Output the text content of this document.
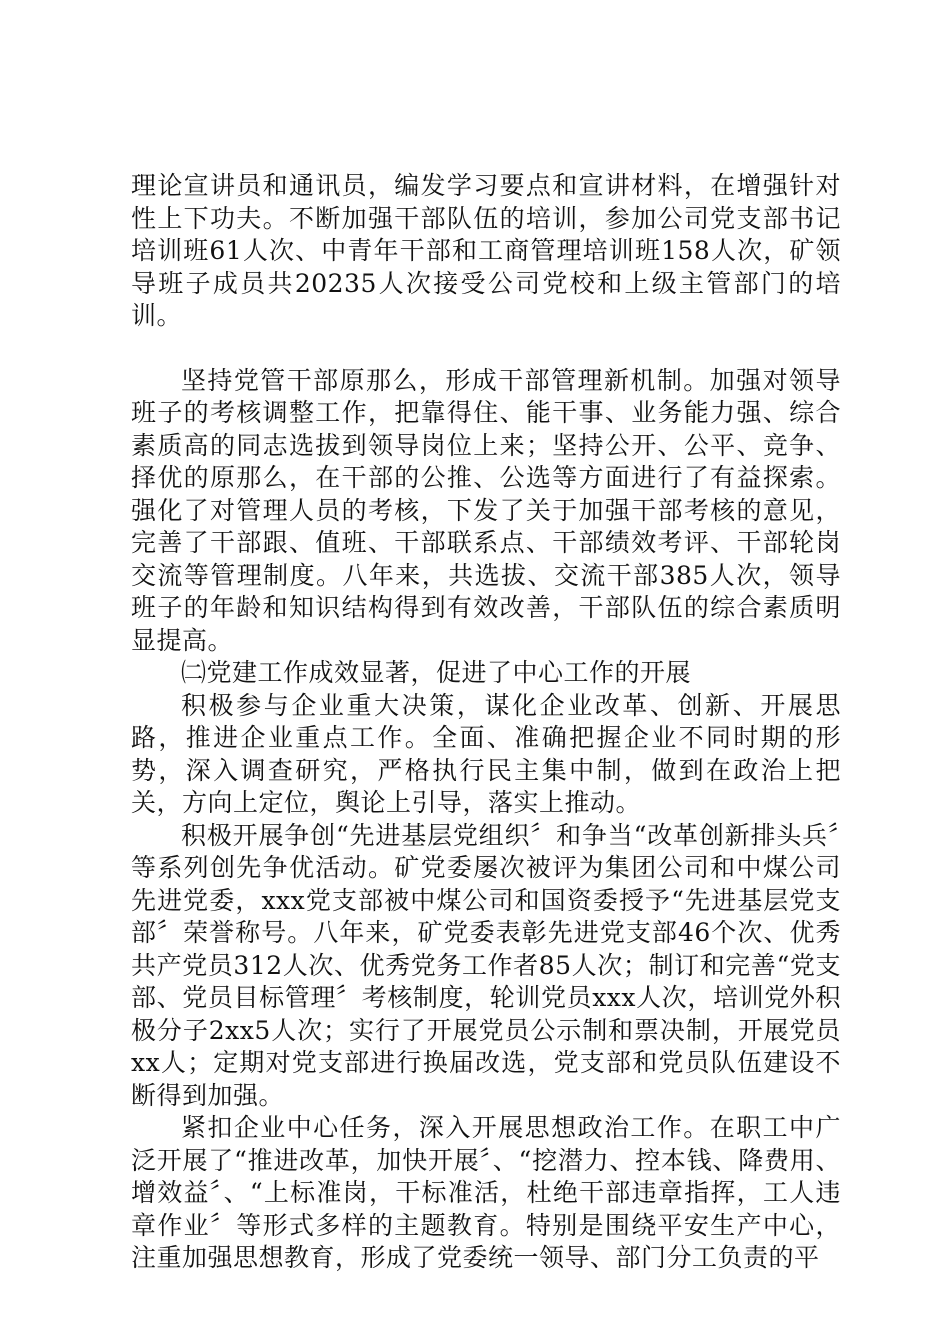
理论宣讲员和通讯员，编发学习要点和宣讲材料，在增强针对性上下功夫。不断加强干部队伍的培训，参加公司党支部书记培训班61人次、中青年干部和工商管理培训班158人次，矿领导班子成员共20235人次接受公司党校和上级主管部门的培训。

坚持党管干部原那么，形成干部管理新机制。加强对领导班子的考核调整工作，把靠得住、能干事、业务能力强、综合素质高的同志选拔到领导岗位上来；坚持公开、公平、竞争、择优的原那么，在干部的公推、公选等方面进行了有益探索。强化了对管理人员的考核，下发了关于加强干部考核的意见，完善了干部跟、值班、干部联系点、干部绩效考评、干部轮岗交流等管理制度。八年来，共选拔、交流干部385人次，领导班子的年龄和知识结构得到有效改善，干部队伍的综合素质明显提高。

㈡党建工作成效显著，促进了中心工作的开展

积极参与企业重大决策，谋化企业改革、创新、开展思路，推进企业重点工作。全面、准确把握企业不同时期的形势，深入调查研究，严格执行民主集中制，做到在政治上把关，方向上定位，舆论上引导，落实上推动。

积极开展争创“先进基层党组织〞和争当“改革创新排头兵〞等系列创先争优活动。矿党委屡次被评为集团公司和中煤公司先进党委，xxx党支部被中煤公司和国资委授予“先进基层党支部〞荣誉称号。八年来，矿党委表彰先进党支部46个次、优秀共产党员312人次、优秀党务工作者85人次；制订和完善“党支部、党员目标管理〞考核制度，轮训党员xxx人次，培训党外积极分子2xx5人次；实行了开展党员公示制和票决制，开展党员xx人；定期对党支部进行换届改选，党支部和党员队伍建设不断得到加强。

紧扣企业中心任务，深入开展思想政治工作。在职工中广泛开展了“推进改革，加快开展〞、“挖潜力、控本钱、降费用、增效益〞、“上标准岗，干标准活，杜绝干部违章指挥，工人违章作业〞等形式多样的主题教育。特别是围绕平安生产中心，注重加强思想教育，形成了党委统一领导、部门分工负责的平
